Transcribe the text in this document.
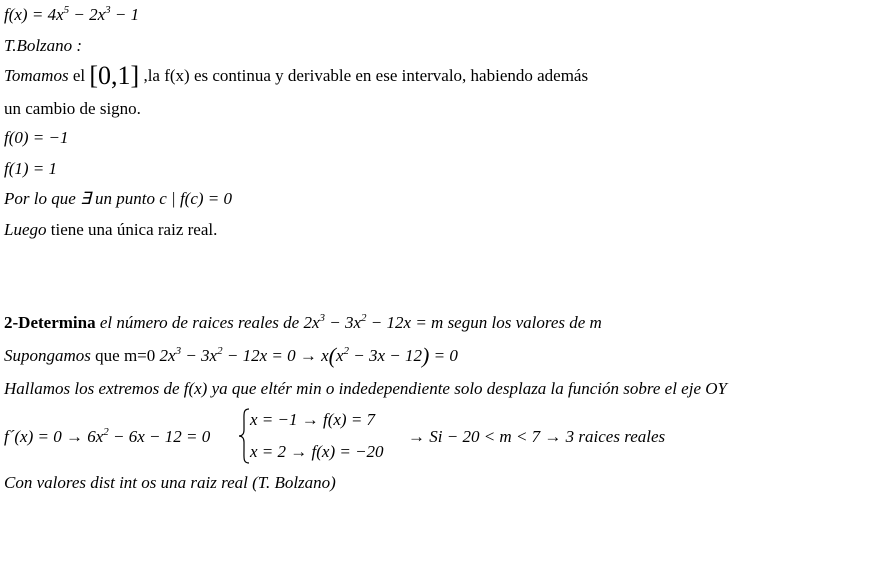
$f(x) = 4x^5 - 2x^3 - 1$
T.Bolzano :
Tomamos el [0,1] ,la f(x) es continua y derivable en ese intervalo, habiendo además
un cambio de signo.
f(0) = −1
f(1) = 1
Por lo que ∃ un punto c | f(c) = 0
Luego tiene una única raiz real.
2-Determina el número de raices reales de $2x^3 - 3x^2 - 12x = m$ segun los valores de m
Supongamos que m=0 $2x^3 - 3x^2 - 12x = 0 \to x(x^2 - 3x - 12) = 0$
Hallamos los extremos de f(x) ya que eltér min o indedependiente solo desplaza la función sobre el eje OY
f´(x) = $0 \to 6x^2 - 6x - 12 = 0$
x = −1 → f(x) = 7
x = 2 → f(x) = −20
→ Si − 20 < m < 7 → 3 raices reales
Con valores dist int os una raiz real (T. Bolzano)
